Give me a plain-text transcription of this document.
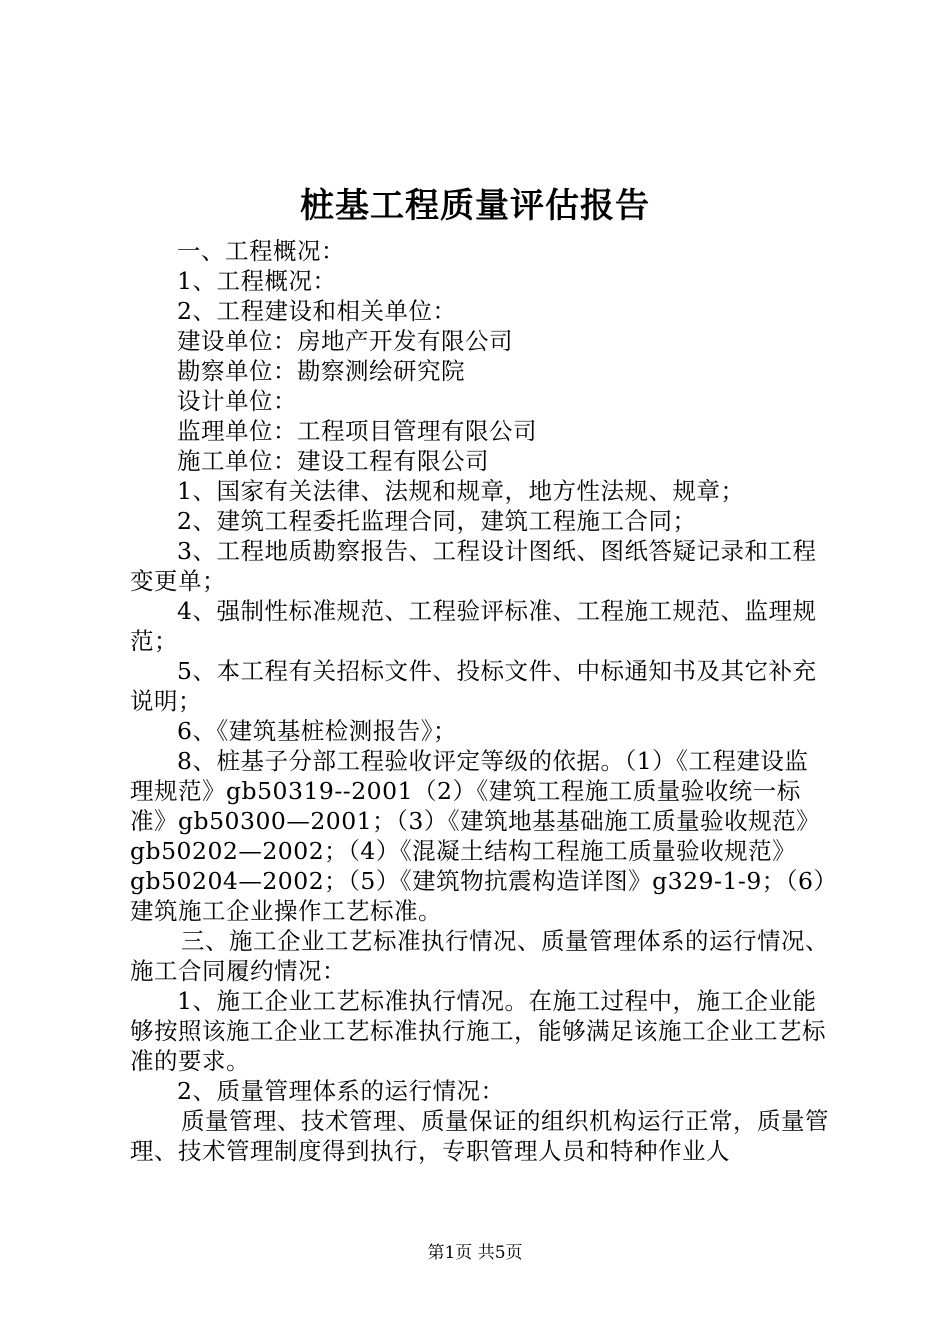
桩基工程质量评估报告

一、工程概况：

1、工程概况：

2、工程建设和相关单位：

建设单位：房地产开发有限公司

勘察单位：勘察测绘研究院

设计单位：

监理单位：工程项目管理有限公司

施工单位：建设工程有限公司

1、国家有关法律、法规和规章，地方性法规、规章；

2、建筑工程委托监理合同，建筑工程施工合同；

3、工程地质勘察报告、工程设计图纸、图纸答疑记录和工程变更单；

4、强制性标准规范、工程验评标准、工程施工规范、监理规范；

5、本工程有关招标文件、投标文件、中标通知书及其它补充说明；

6、《建筑基桩检测报告》；

8、桩基子分部工程验收评定等级的依据。（1）《工程建设监理规范》gb50319--2001（2）《建筑工程施工质量验收统一标准》gb50300—2001；（3）《建筑地基基础施工质量验收规范》gb50202—2002；（4）《混凝土结构工程施工质量验收规范》gb50204—2002；（5）《建筑物抗震构造详图》g329-1-9；（6）建筑施工企业操作工艺标准。

三、施工企业工艺标准执行情况、质量管理体系的运行情况、施工合同履约情况：

1、施工企业工艺标准执行情况。在施工过程中，施工企业能够按照该施工企业工艺标准执行施工，能够满足该施工企业工艺标准的要求。

2、质量管理体系的运行情况：

质量管理、技术管理、质量保证的组织机构运行正常，质量管理、技术管理制度得到执行，专职管理人员和特种作业人

第1页 共5页
